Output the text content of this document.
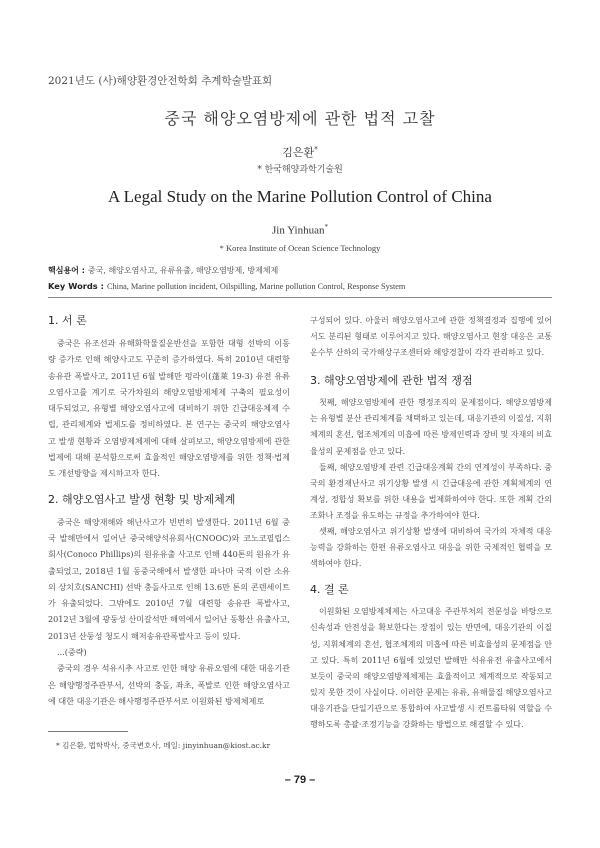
2021년도 (사)해양환경안전학회 추계학술발표회
중국 해양오염방제에 관한 법적 고찰
김은환*
* 한국해양과학기술원
A Legal Study on the Marine Pollution Control of China
Jin Yinhuan*
* Korea Institute of Ocean Science Technology
핵심용어 : 중국, 해양오염사고, 유류유출, 해양오염방제, 방제체제
Key Words : China, Marine pollution incident, Oilspilling, Marine pollution Control, Response System
1. 서 론

중국은 유조선과 유해화학물질운반선을 포함한 대형 선박의 이동량 증가로 인해 해양사고도 꾸준히 증가하였다. 특히 2010년 대련항 송유관 폭발사고, 2011년 6월 발해만 펑라이(蓬萊 19-3) 유전 유류오염사고를 계기로 국가차원의 해양오염방제체제 구축의 필요성이 대두되었고, 유형별 해양오염사고에 대비하기 위한 긴급대응체제 수립, 관리체계와 법제도를 정비하였다. 본 연구는 중국의 해양오염사고 발생 현황과 오염방제체제에 대해 살펴보고, 해양오염방제에 관한 법제에 대해 분석함으로써 효율적인 해양오염방제를 위한 정책·법제도 개선방향을 제시하고자 한다.

2. 해양오염사고 발생 현황 및 방제체계

중국은 해양재해와 해난사고가 빈번히 발생한다. 2011년 6월 중국 발해만에서 일어난 중국해양석유회사(CNOOC)와 코노코필립스회사(Conoco Phillips)의 원유유출 사고로 인해 440톤의 원유가 유출되었고, 2018년 1월 동중국해에서 발생한 파나마 국적 이란 소유의 상치호(SANCHI) 선박 충돌사고로 인해 13.6만 톤의 콘덴세이트가 유출되었다. 그밖에도 2010년 7월 대련항 송유관 폭발사고, 2012년 3월에 광둥성 산미갈석만 해역에서 일어난 동황산 유출사고, 2013년 산둥성 청도시 해저송유관폭발사고 등이 있다.

...(중략)

중국의 경우 석유시추 사고로 인한 해양 유류오염에 대한 대응기관은 해양행정주관부서, 선박의 충돌, 좌초, 폭발로 인한 해양오염사고에 대한 대응기관은 해사행정주관부서로 이원화된 방제체제로

구성되어 있다. 아울러 해양오염사고에 관한 정책결정과 집행에 있어서도 분리된 형태로 이루어지고 있다. 해양오염사고 현장 대응은 교통운수부 산하의 국가해상구조센터와 해양경찰이 각각 관리하고 있다.

3. 해양오염방제에 관한 법적 쟁점

첫째, 해양오염방제에 관한 행정조직의 문제점이다. 해양오염방제는 유형별 분산 관리체계를 채택하고 있는데, 대응기관의 이질성, 지휘체계의 혼선, 협조체계의 미흡에 따른 방제인력과 장비 및 자재의 비효율성의 문제점을 안고 있다.

둘째, 해양오염방제 관련 긴급대응계획 간의 연계성이 부족하다. 중국의 환경재난사고 위기상황 발생 시 긴급대응에 관한 계획체계의 연계성, 정합성 확보를 위한 내용을 법제화하여야 한다. 또한 계획 간의 조화나 조정을 유도하는 규정을 추가하여야 한다.

셋째, 해양오염사고 위기상황 발생에 대비하여 국가의 자체적 대응능력을 강화하는 한편 유류오염사고 대응을 위한 국제적인 협력을 모색하여야 한다.

4. 결 론

이원화된 오염방제체제는 사고대응 주관부처의 전문성을 바탕으로 신속성과 안전성을 확보한다는 장점이 있는 반면에, 대응기관의 이질성, 지휘체계의 혼선, 협조체계의 미흡에 따른 비효율성의 문제점을 안고 있다. 특히 2011년 6월에 있었던 발해만 석유유전 유출사고에서 보듯이 중국의 해양오염방제체제는 효율적이고 체계적으로 작동되고 있지 못한 것이 사실이다. 이러한 문제는 유류, 유해물질 해양오염사고 대응기관을 단일기관으로 통합하여 사고발생 시 컨트롤타워 역할을 수행하도록 총괄·조정기능을 강화하는 방법으로 해결할 수 있다.

* 김은환, 법학박사, 중국변호사, 메일: jinyinhuan@kiost.ac.kr
– 79 –
